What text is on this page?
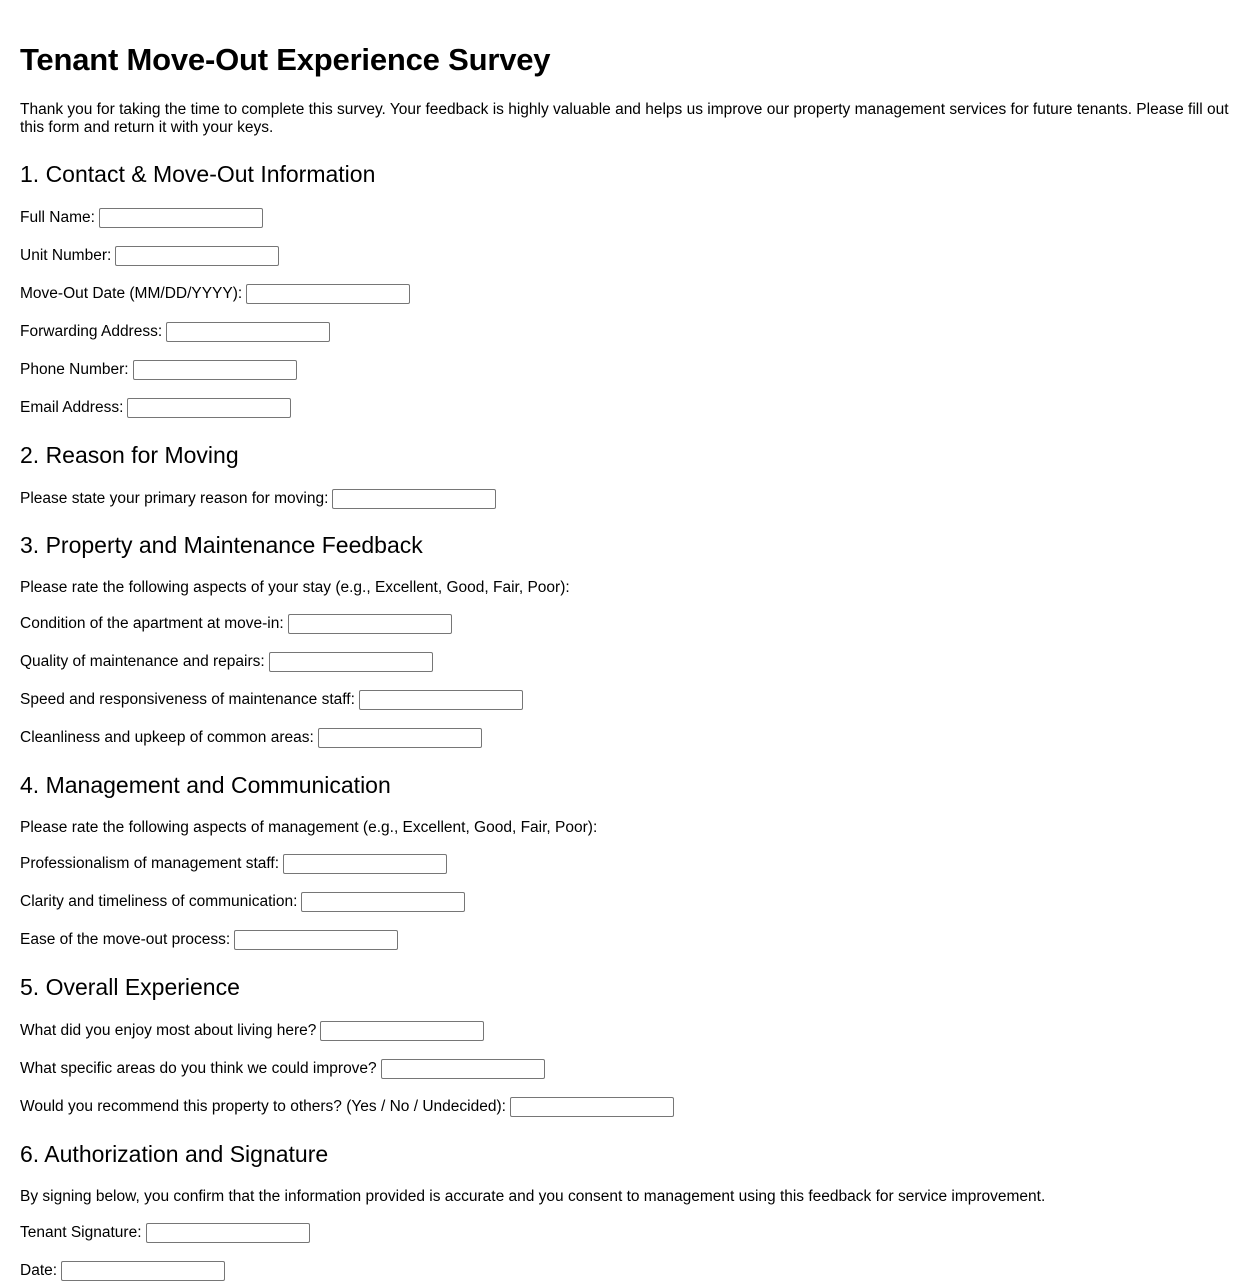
Tenant Move-Out Experience Survey

Thank you for taking the time to complete this survey. Your feedback is highly valuable and helps us improve our property management services for future tenants. Please fill out this form and return it with your keys.

1. Contact & Move-Out Information
Full Name:
Unit Number:
Move-Out Date (MM/DD/YYYY):
Forwarding Address:
Phone Number:
Email Address:
2. Reason for Moving
Please state your primary reason for moving:
3. Property and Maintenance Feedback
Please rate the following aspects of your stay (e.g., Excellent, Good, Fair, Poor):
Condition of the apartment at move-in:
Quality of maintenance and repairs:
Speed and responsiveness of maintenance staff:
Cleanliness and upkeep of common areas:
4. Management and Communication
Please rate the following aspects of management (e.g., Excellent, Good, Fair, Poor):
Professionalism of management staff:
Clarity and timeliness of communication:
Ease of the move-out process:
5. Overall Experience
What did you enjoy most about living here?
What specific areas do you think we could improve?
Would you recommend this property to others? (Yes / No / Undecided):
6. Authorization and Signature
By signing below, you confirm that the information provided is accurate and you consent to management using this feedback for service improvement.
Tenant Signature:
Date:
